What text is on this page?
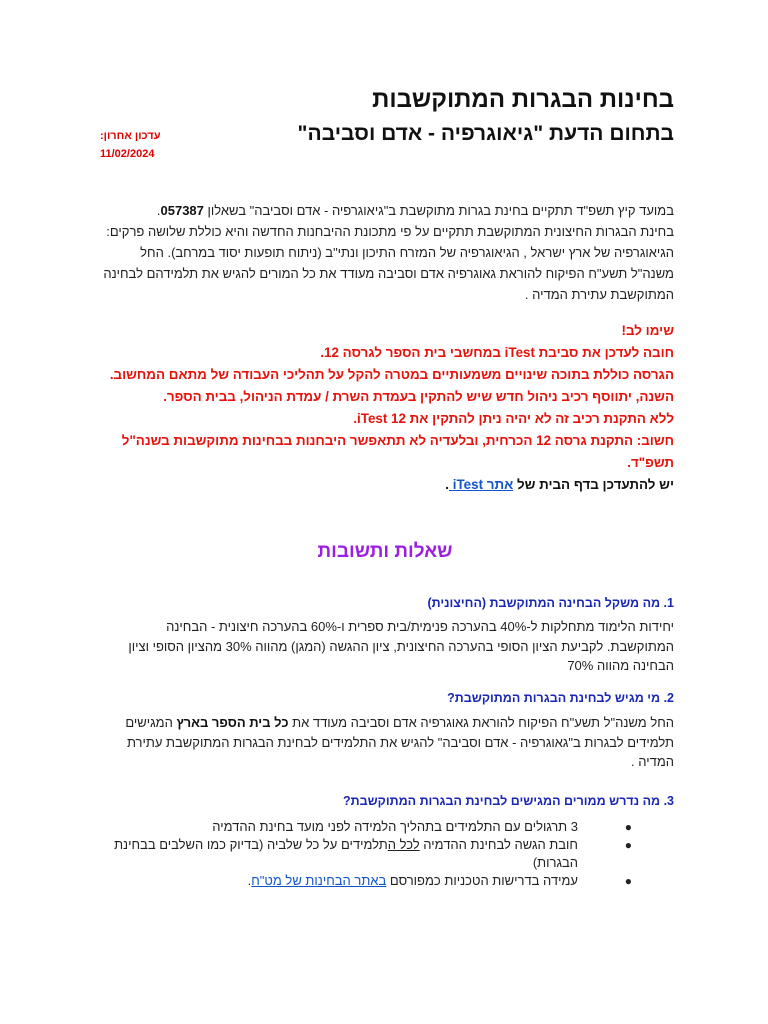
בחינות הבגרות המתוקשבות
בתחום הדעת "גיאוגרפיה - אדם וסביבה"
עדכון אחרון:
11/02/2024
במועד קיץ תשפ"ד תתקיים בחינת בגרות מתוקשבת ב"גיאוגרפיה - אדם וסביבה" בשאלון 057387.
בחינת הבגרות החיצונית המתוקשבת תתקיים על פי מתכונת ההיבחנות החדשה והיא כוללת שלושה פרקים: הגיאוגרפיה של ארץ ישראל , הגיאוגרפיה של המזרח התיכון ונתי"ב (ניתוח תופעות יסוד במרחב). החל משנה"ל תשע"ח הפיקוח להוראת גאוגרפיה אדם וסביבה מעודד את כל המורים להגיש את תלמידהם לבחינה המתוקשבת עתירת המדיה .

שימו לב!

חובה לעדכן את סביבת iTest במחשבי בית הספר לגרסה 12.

הגרסה כוללת בתוכה שינויים משמעותיים במטרה להקל על תהליכי העבודה של מתאם המחשוב.

השנה, יתווסף רכיב ניהול חדש שיש להתקין בעמדת השרת / עמדת הניהול, בבית הספר.

ללא התקנת רכיב זה לא יהיה ניתן להתקין את iTest 12.

חשוב: התקנת גרסה 12 הכרחית, ובלעדיה לא תתאפשר היבחנות בבחינות מתוקשבות בשנה"ל תשפ"ד.

יש להתעדכן בדף הבית של אתר iTest .

שאלות ותשובות

1. מה משקל הבחינה המתוקשבת (החיצונית)

יחידות הלימוד מתחלקות ל-40% בהערכה פנימית/בית ספרית ו-60% בהערכה חיצונית - הבחינה המתוקשבת. לקביעת הציון הסופי בהערכה החיצונית, ציון ההגשה (המגן) מהווה 30% מהציון הסופי וציון הבחינה מהווה 70%

2. מי מגיש לבחינת הבגרות המתוקשבת?

החל משנה"ל תשע"ח הפיקוח להוראת גאוגרפיה אדם וסביבה מעודד את כל בית הספר בארץ המגישים תלמידים לבגרות ב"גאוגרפיה - אדם וסביבה" להגיש את התלמידים לבחינת הבגרות המתוקשבת עתירת המדיה .

3. מה נדרש ממורים המגישים לבחינת הבגרות המתוקשבת?

●
3 תרגולים עם התלמידים בתהליך הלמידה לפני מועד בחינת ההדמיה
●
חובת הגשה לבחינת ההדמיה לכל התלמידים על כל שלביה (בדיוק כמו השלבים בבחינת הבגרות)
●
עמידה בדרישות הטכניות כמפורסם באתר הבחינות של מט"ח.
